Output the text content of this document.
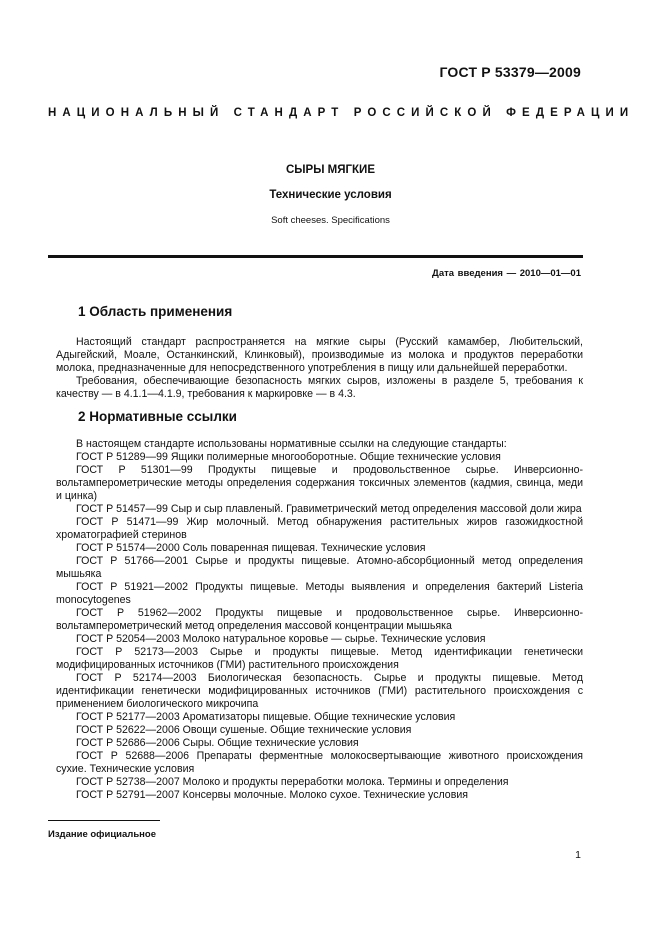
ГОСТ Р 53379—2009
НАЦИОНАЛЬНЫЙ СТАНДАРТ РОССИЙСКОЙ ФЕДЕРАЦИИ
СЫРЫ МЯГКИЕ
Технические условия
Soft cheeses. Specifications
Дата введения — 2010—01—01
1 Область применения

Настоящий стандарт распространяется на мягкие сыры (Русский камамбер, Любительский, Адыгейский, Моале, Останкинский, Клинковый), производимые из молока и продуктов переработки молока, предназначенные для непосредственного употребления в пищу или дальнейшей переработки.

Требования, обеспечивающие безопасность мягких сыров, изложены в разделе 5, требования к качеству — в 4.1.1—4.1.9, требования к маркировке — в 4.3.

2 Нормативные ссылки

В настоящем стандарте использованы нормативные ссылки на следующие стандарты:

ГОСТ Р 51289—99 Ящики полимерные многооборотные. Общие технические условия

ГОСТ Р 51301—99 Продукты пищевые и продовольственное сырье. Инверсионно-вольтамперометрические методы определения содержания токсичных элементов (кадмия, свинца, меди и цинка)

ГОСТ Р 51457—99 Сыр и сыр плавленый. Гравиметрический метод определения массовой доли жира

ГОСТ Р 51471—99 Жир молочный. Метод обнаружения растительных жиров газожидкостной хроматографией стеринов

ГОСТ Р 51574—2000 Соль поваренная пищевая. Технические условия

ГОСТ Р 51766—2001 Сырье и продукты пищевые. Атомно-абсорбционный метод определения мышьяка

ГОСТ Р 51921—2002 Продукты пищевые. Методы выявления и определения бактерий Listeria monocytogenes

ГОСТ Р 51962—2002 Продукты пищевые и продовольственное сырье. Инверсионно-вольтамперометрический метод определения массовой концентрации мышьяка

ГОСТ Р 52054—2003 Молоко натуральное коровье — сырье. Технические условия

ГОСТ Р 52173—2003 Сырье и продукты пищевые. Метод идентификации генетически модифицированных источников (ГМИ) растительного происхождения

ГОСТ Р 52174—2003 Биологическая безопасность. Сырье и продукты пищевые. Метод идентификации генетически модифицированных источников (ГМИ) растительного происхождения с применением биологического микрочипа

ГОСТ Р 52177—2003 Ароматизаторы пищевые. Общие технические условия

ГОСТ Р 52622—2006 Овощи сушеные. Общие технические условия

ГОСТ Р 52686—2006 Сыры. Общие технические условия

ГОСТ Р 52688—2006 Препараты ферментные молокосвертывающие животного происхождения сухие. Технические условия

ГОСТ Р 52738—2007 Молоко и продукты переработки молока. Термины и определения

ГОСТ Р 52791—2007 Консервы молочные. Молоко сухое. Технические условия

Издание официальное
1
